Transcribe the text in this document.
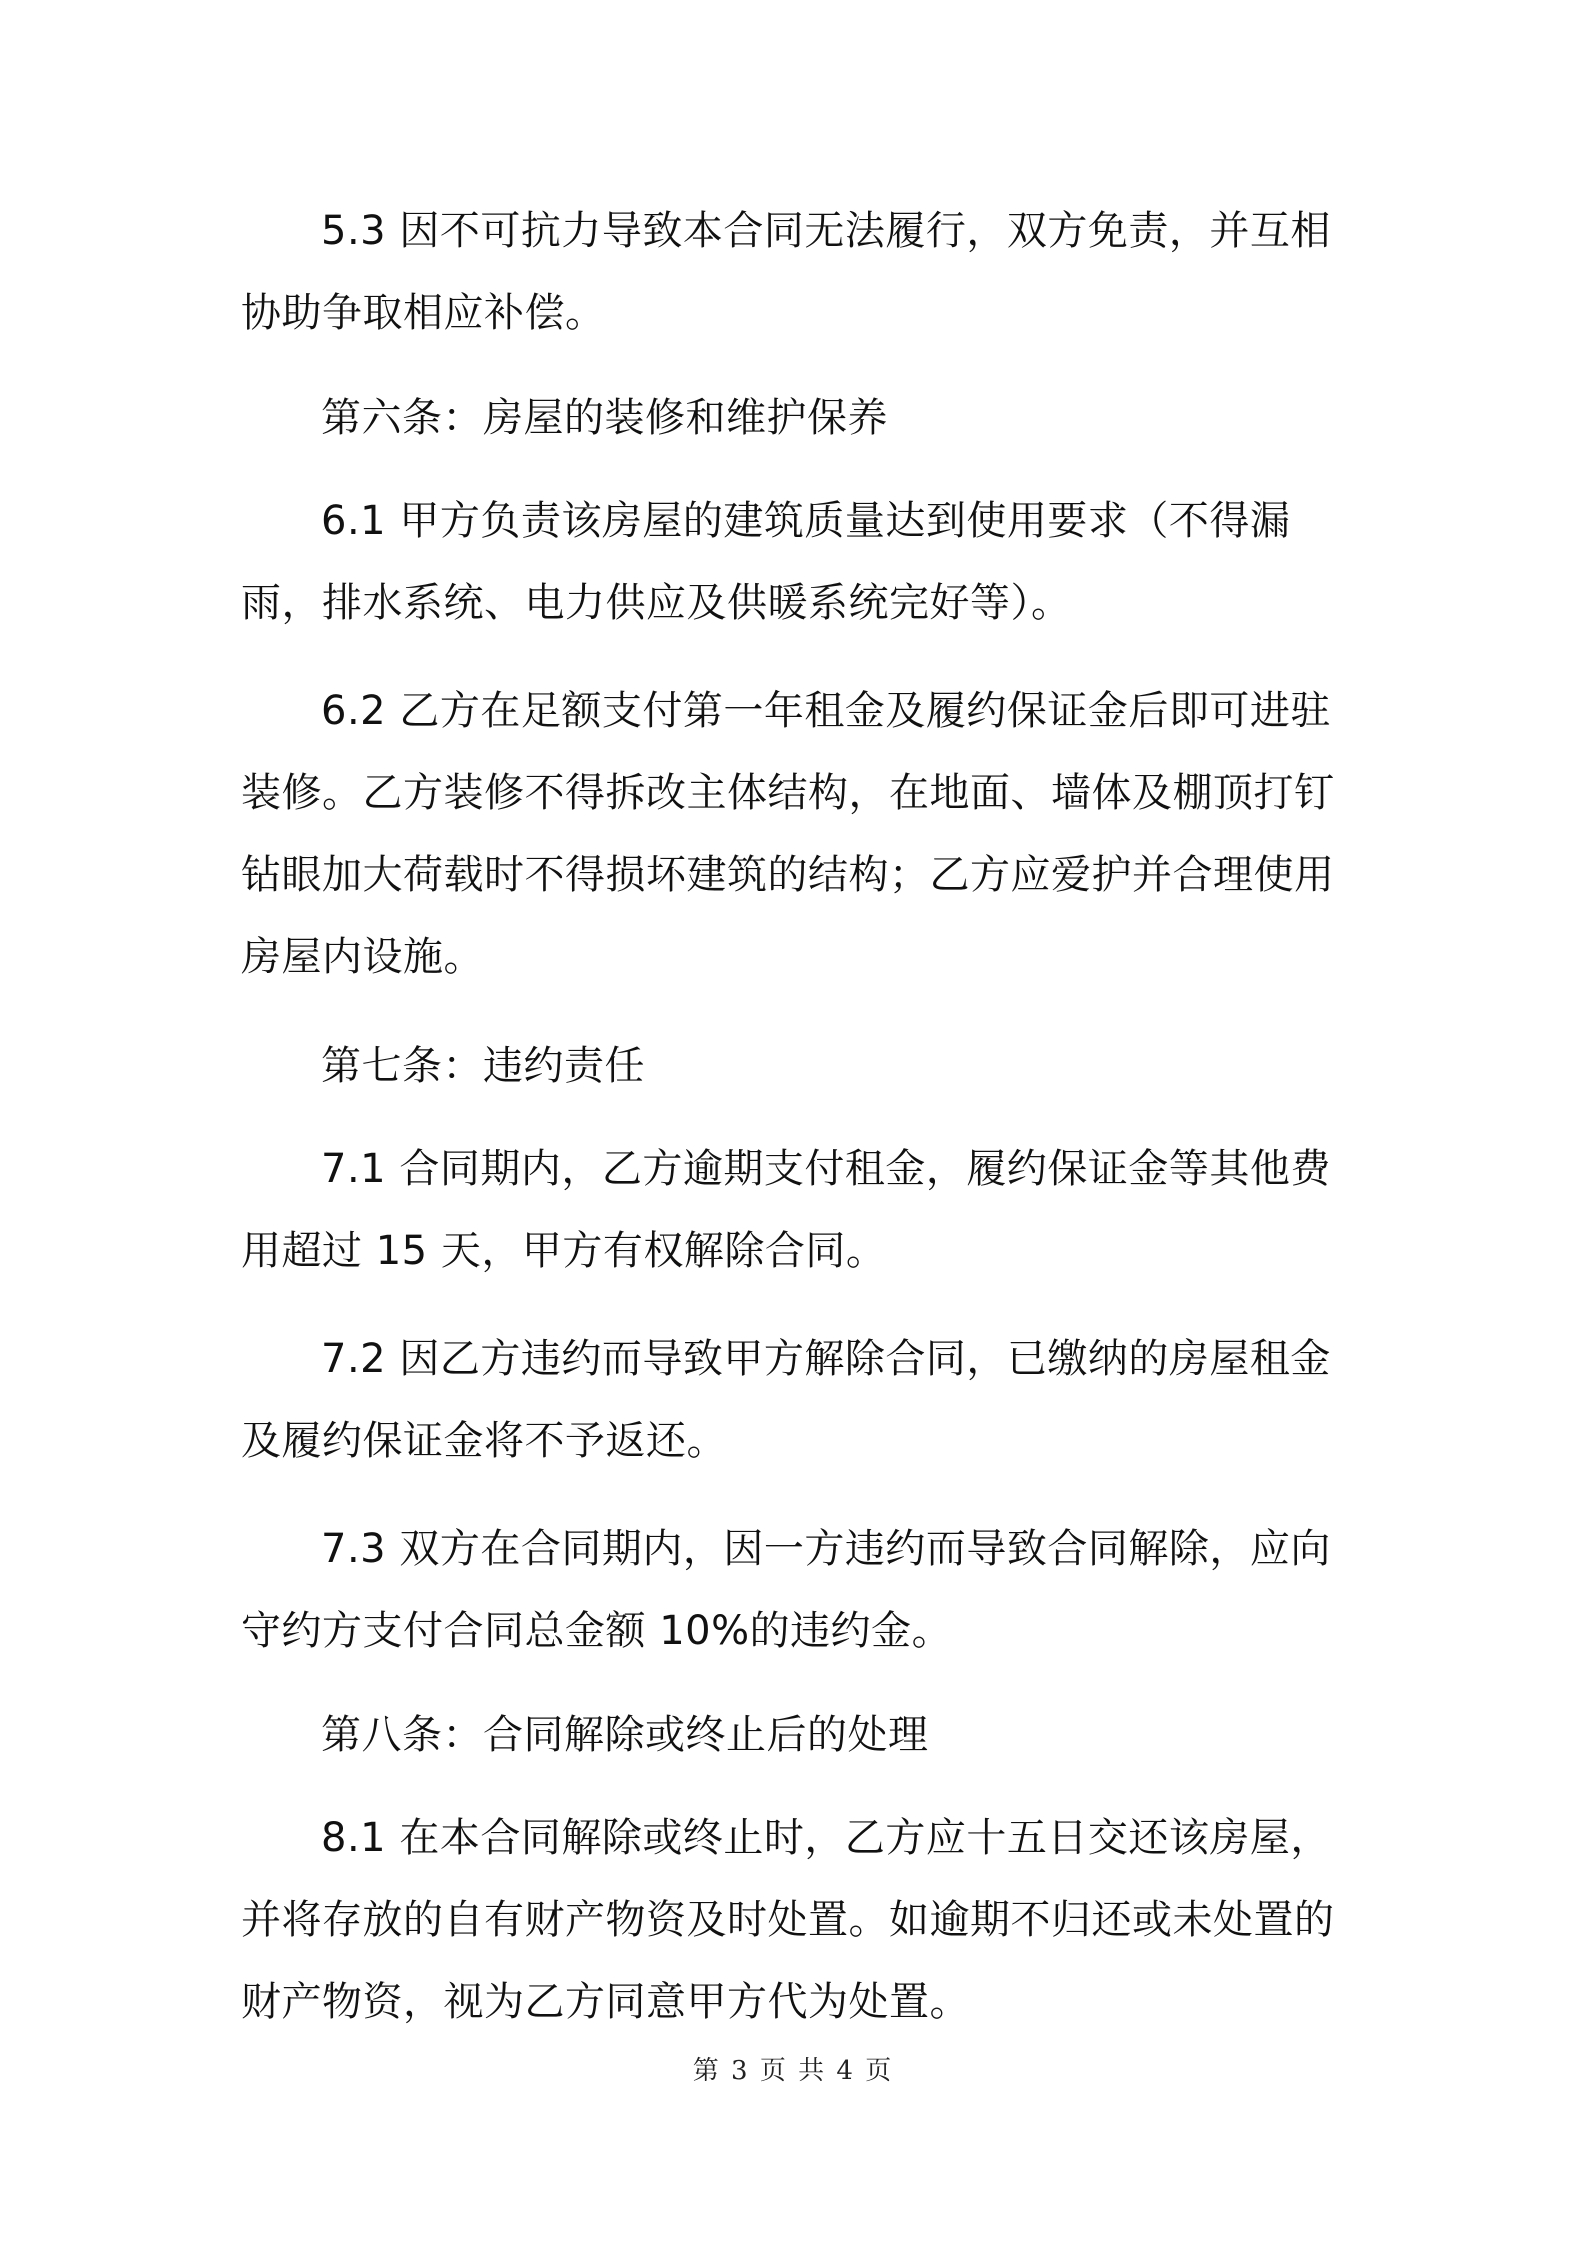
5.3 因不可抗力导致本合同无法履行，双方免责，并互相协助争取相应补偿。

第六条：房屋的装修和维护保养

6.1 甲方负责该房屋的建筑质量达到使用要求（不得漏雨，排水系统、电力供应及供暖系统完好等）。

6.2 乙方在足额支付第一年租金及履约保证金后即可进驻装修。乙方装修不得拆改主体结构，在地面、墙体及棚顶打钉钻眼加大荷载时不得损坏建筑的结构；乙方应爱护并合理使用房屋内设施。

第七条：违约责任

7.1 合同期内，乙方逾期支付租金，履约保证金等其他费用超过 15 天，甲方有权解除合同。

7.2 因乙方违约而导致甲方解除合同，已缴纳的房屋租金及履约保证金将不予返还。

7.3 双方在合同期内，因一方违约而导致合同解除，应向守约方支付合同总金额 10%的违约金。

第八条：合同解除或终止后的处理

8.1 在本合同解除或终止时，乙方应十五日交还该房屋，并将存放的自有财产物资及时处置。如逾期不归还或未处置的财产物资，视为乙方同意甲方代为处置。

第 3 页 共 4 页
